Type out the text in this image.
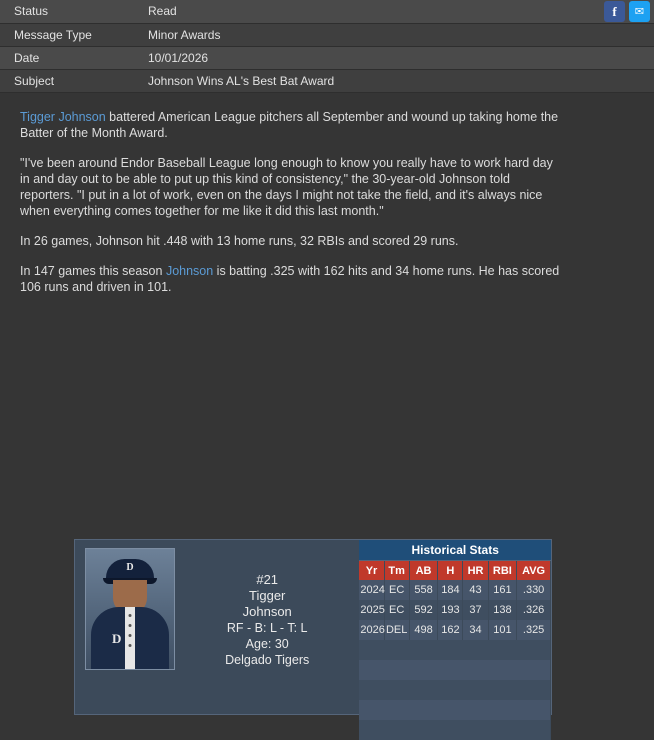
Status	Read f ✉

Message Type	Minor Awards
Date	10/01/2026
Subject	Johnson Wins AL's Best Bat Award

Tigger Johnson battered American League pitchers all September and wound up taking home the Batter of the Month Award.

"I've been around Endor Baseball League long enough to know you really have to work hard day in and day out to be able to put up this kind of consistency," the 30-year-old Johnson told reporters. "I put in a lot of work, even on the days I might not take the field, and it's always nice when everything comes together for me like it did this last month."

In 26 games, Johnson hit .448 with 13 home runs, 32 RBIs and scored 29 runs.

In 147 games this season Johnson is batting .325 with 162 hits and 34 home runs. He has scored 106 runs and driven in 101.

D
D
#21
Tigger
Johnson
RF - B: L - T: L
Age: 30
Delgado Tigers
Historical Stats
Yr	Tm	AB	H	HR	RBI	AVG
2024	EC	558	184	43	161	.330
2025	EC	592	193	37	138	.326
2026	DEL	498	162	34	101	.325
